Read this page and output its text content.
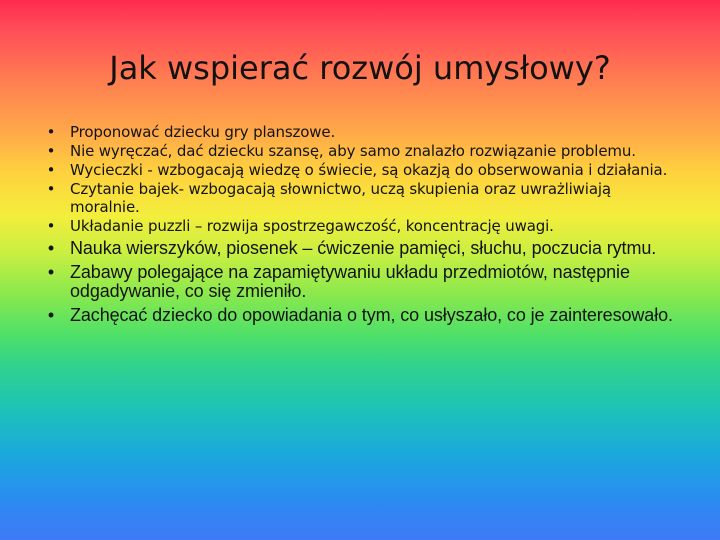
Jak wspierać rozwój umysłowy?
• Proponować dziecku gry planszowe.
• Nie wyręczać, dać dziecku szansę, aby samo znalazło rozwiązanie problemu.
• Wycieczki - wzbogacają wiedzę o świecie, są okazją do obserwowania i działania.
• Czytanie bajek- wzbogacają słownictwo, uczą skupienia oraz uwrażliwiają moralnie.
• Układanie puzzli – rozwija spostrzegawczość, koncentrację uwagi.
• Nauka wierszyków, piosenek – ćwiczenie pamięci, słuchu, poczucia rytmu.
• Zabawy polegające na zapamiętywaniu układu przedmiotów, następnie odgadywanie, co się zmieniło.
• Zachęcać dziecko do opowiadania o tym, co usłyszało, co je zainteresowało.
